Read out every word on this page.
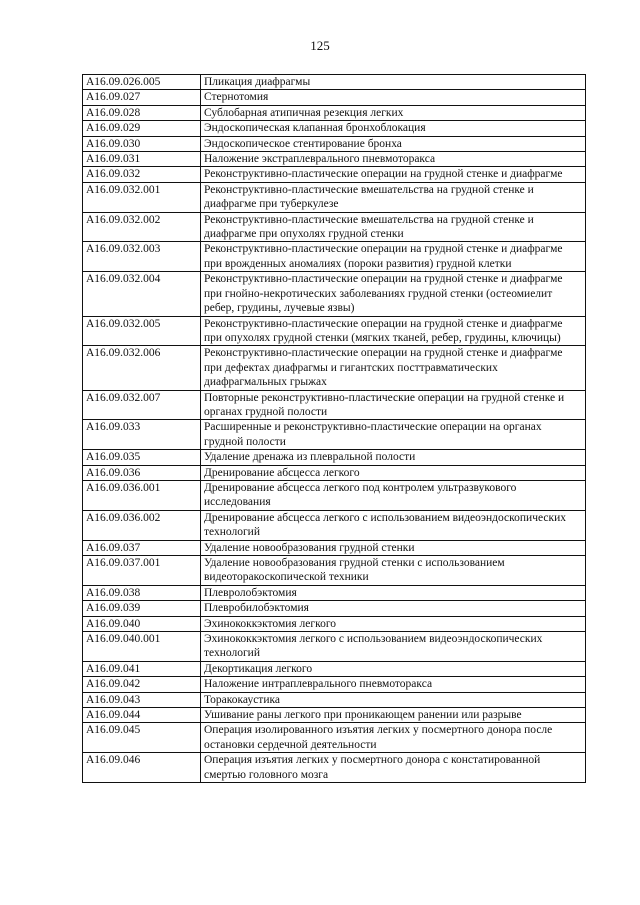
125
A16.09.026.005	Пликация диафрагмы
A16.09.027	Стернотомия
A16.09.028	Сублобарная атипичная резекция легких
A16.09.029	Эндоскопическая клапанная бронхоблокация
A16.09.030	Эндоскопическое стентирование бронха
A16.09.031	Наложение экстраплеврального пневмоторакса
A16.09.032	Реконструктивно-пластические операции на грудной стенке и диафрагме
A16.09.032.001	Реконструктивно-пластические вмешательства на грудной стенке и диафрагме при туберкулезе
A16.09.032.002	Реконструктивно-пластические вмешательства на грудной стенке и диафрагме при опухолях грудной стенки
A16.09.032.003	Реконструктивно-пластические операции на грудной стенке и диафрагме при врожденных аномалиях (пороки развития) грудной клетки
A16.09.032.004	Реконструктивно-пластические операции на грудной стенке и диафрагме при гнойно-некротических заболеваниях грудной стенки (остеомиелит ребер, грудины, лучевые язвы)
A16.09.032.005	Реконструктивно-пластические операции на грудной стенке и диафрагме при опухолях грудной стенки (мягких тканей, ребер, грудины, ключицы)
A16.09.032.006	Реконструктивно-пластические операции на грудной стенке и диафрагме при дефектах диафрагмы и гигантских посттравматических диафрагмальных грыжах
A16.09.032.007	Повторные реконструктивно-пластические операции на грудной стенке и органах грудной полости
A16.09.033	Расширенные и реконструктивно-пластические операции на органах грудной полости
A16.09.035	Удаление дренажа из плевральной полости
A16.09.036	Дренирование абсцесса легкого
A16.09.036.001	Дренирование абсцесса легкого под контролем ультразвукового исследования
A16.09.036.002	Дренирование абсцесса легкого с использованием видеоэндоскопических технологий
A16.09.037	Удаление новообразования грудной стенки
A16.09.037.001	Удаление новообразования грудной стенки с использованием видеоторакоскопической техники
A16.09.038	Плевролобэктомия
A16.09.039	Плевробилобэктомия
A16.09.040	Эхинококкэктомия легкого
A16.09.040.001	Эхинококкэктомия легкого с использованием видеоэндоскопических технологий
A16.09.041	Декортикация легкого
A16.09.042	Наложение интраплеврального пневмоторакса
A16.09.043	Торакокаустика
A16.09.044	Ушивание раны легкого при проникающем ранении или разрыве
A16.09.045	Операция изолированного изъятия легких у посмертного донора после остановки сердечной деятельности
A16.09.046	Операция изъятия легких у посмертного донора с констатированной смертью головного мозга
